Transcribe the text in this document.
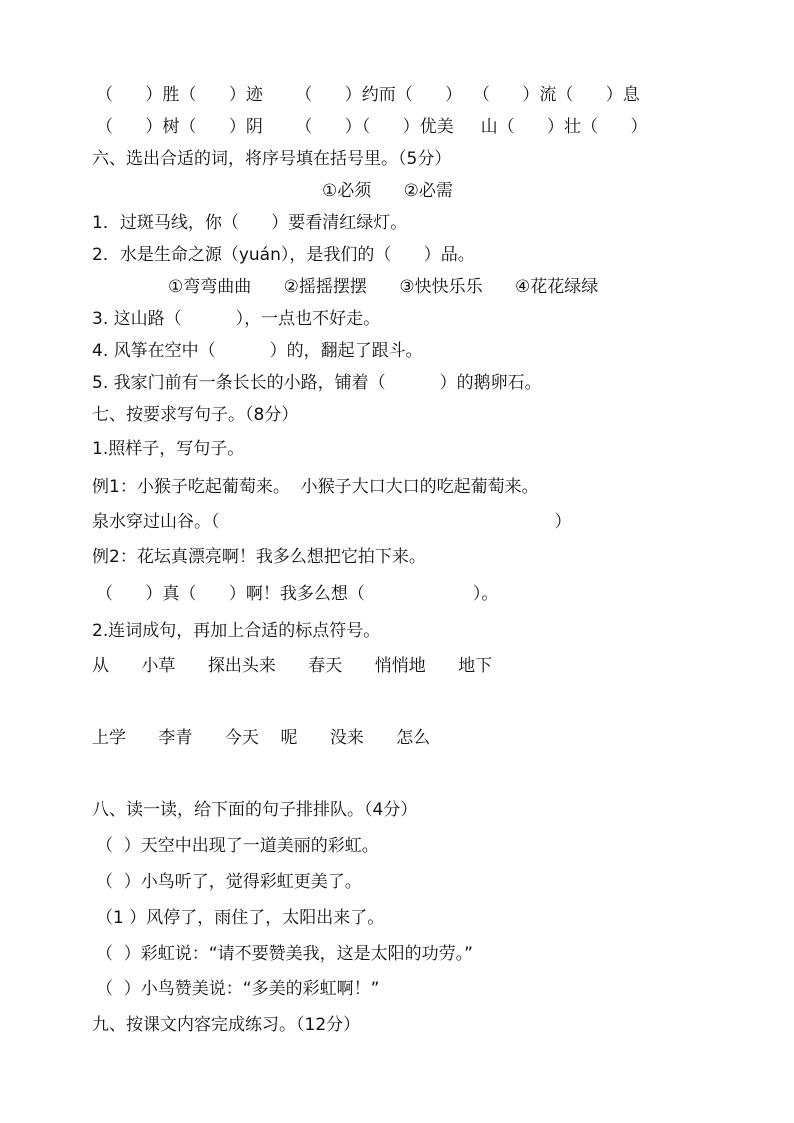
（      ）胜（      ）迹      （      ）约而（      ）  （      ）流（      ）息
（      ）树（      ）阴      （      ）（      ）优美     山（      ）壮（      ）
六、选出合适的词，将序号填在括号里。（5分）
①必须      ②必需
1．过斑马线，你（      ）要看清红绿灯。
2．水是生命之源（yuán），是我们的（      ）品。
①弯弯曲曲      ②摇摇摆摆      ③快快乐乐      ④花花绿绿
3. 这山路（          ），一点也不好走。
4. 风筝在空中（          ）的，翻起了跟斗。
5. 我家门前有一条长长的小路，铺着（          ）的鹅卵石。
七、按要求写句子。（8分）
1.照样子，写句子。
例1：小猴子吃起葡萄来。  小猴子大口大口的吃起葡萄来。
泉水穿过山谷。（                                                              ）
例2：花坛真漂亮啊！我多么想把它拍下来。
（      ）真（      ）啊！我多么想（                    ）。
2.连词成句，再加上合适的标点符号。
从      小草      探出头来      春天      悄悄地      地下
上学      李青      今天    呢      没来      怎么
八、读一读，给下面的句子排排队。（4分）
（  ）天空中出现了一道美丽的彩虹。
（  ）小鸟听了，觉得彩虹更美了。
（1 ）风停了，雨住了，太阳出来了。
（  ）彩虹说：“请不要赞美我，这是太阳的功劳。”
（  ）小鸟赞美说：“多美的彩虹啊！”
九、按课文内容完成练习。（12分）
